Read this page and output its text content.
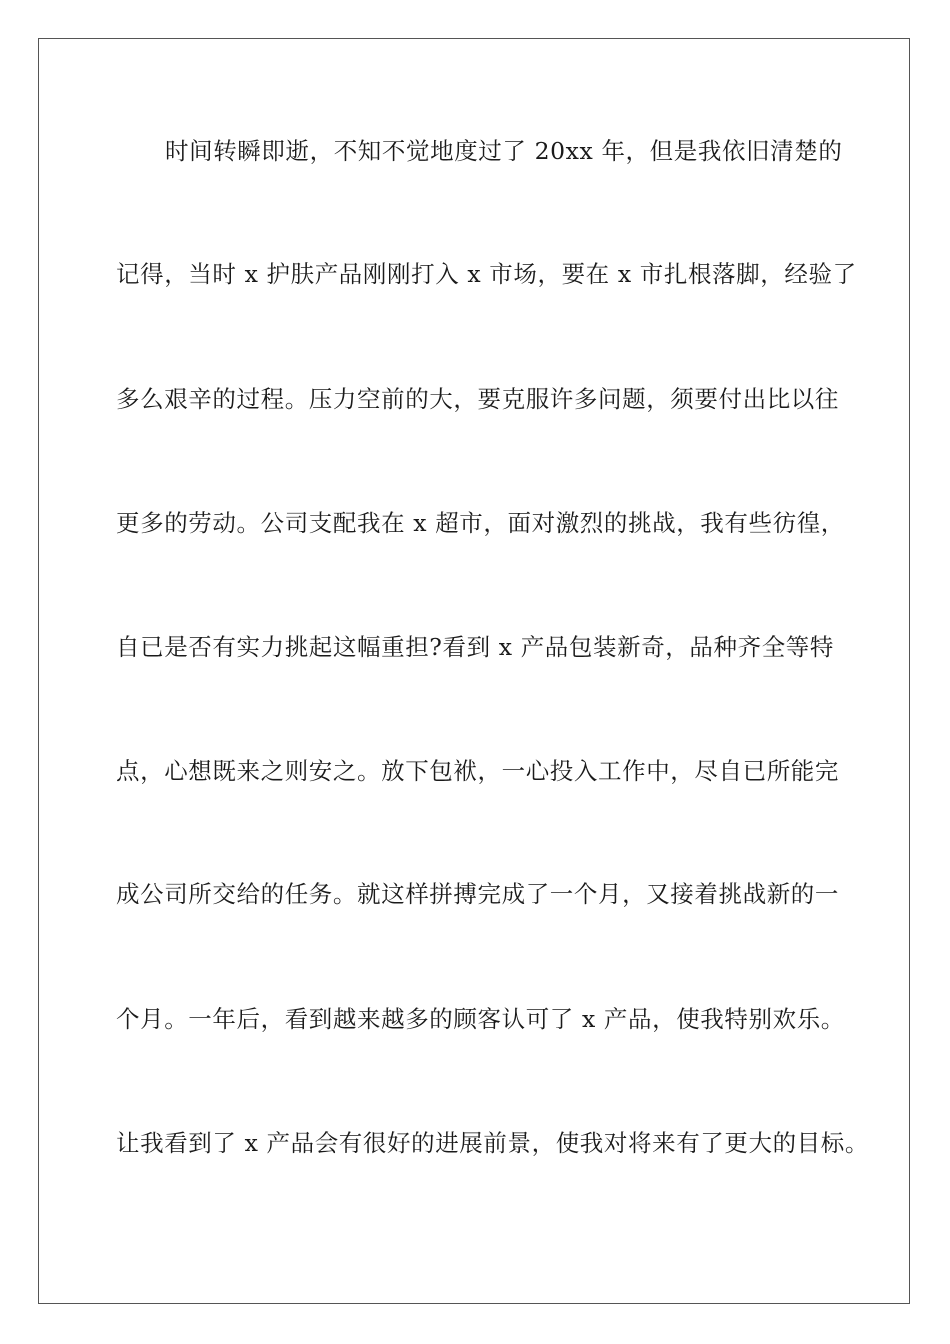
时间转瞬即逝，不知不觉地度过了 20xx 年，但是我依旧清楚的
记得，当时 x 护肤产品刚刚打入 x 市场，要在 x 市扎根落脚，经验了
多么艰辛的过程。压力空前的大，要克服许多问题，须要付出比以往
更多的劳动。公司支配我在 x 超市，面对激烈的挑战，我有些彷徨，
自已是否有实力挑起这幅重担?看到 x 产品包装新奇，品种齐全等特
点，心想既来之则安之。放下包袱，一心投入工作中，尽自已所能完
成公司所交给的任务。就这样拼搏完成了一个月，又接着挑战新的一
个月。一年后，看到越来越多的顾客认可了 x 产品，使我特别欢乐。
让我看到了 x 产品会有很好的进展前景，使我对将来有了更大的目标。
